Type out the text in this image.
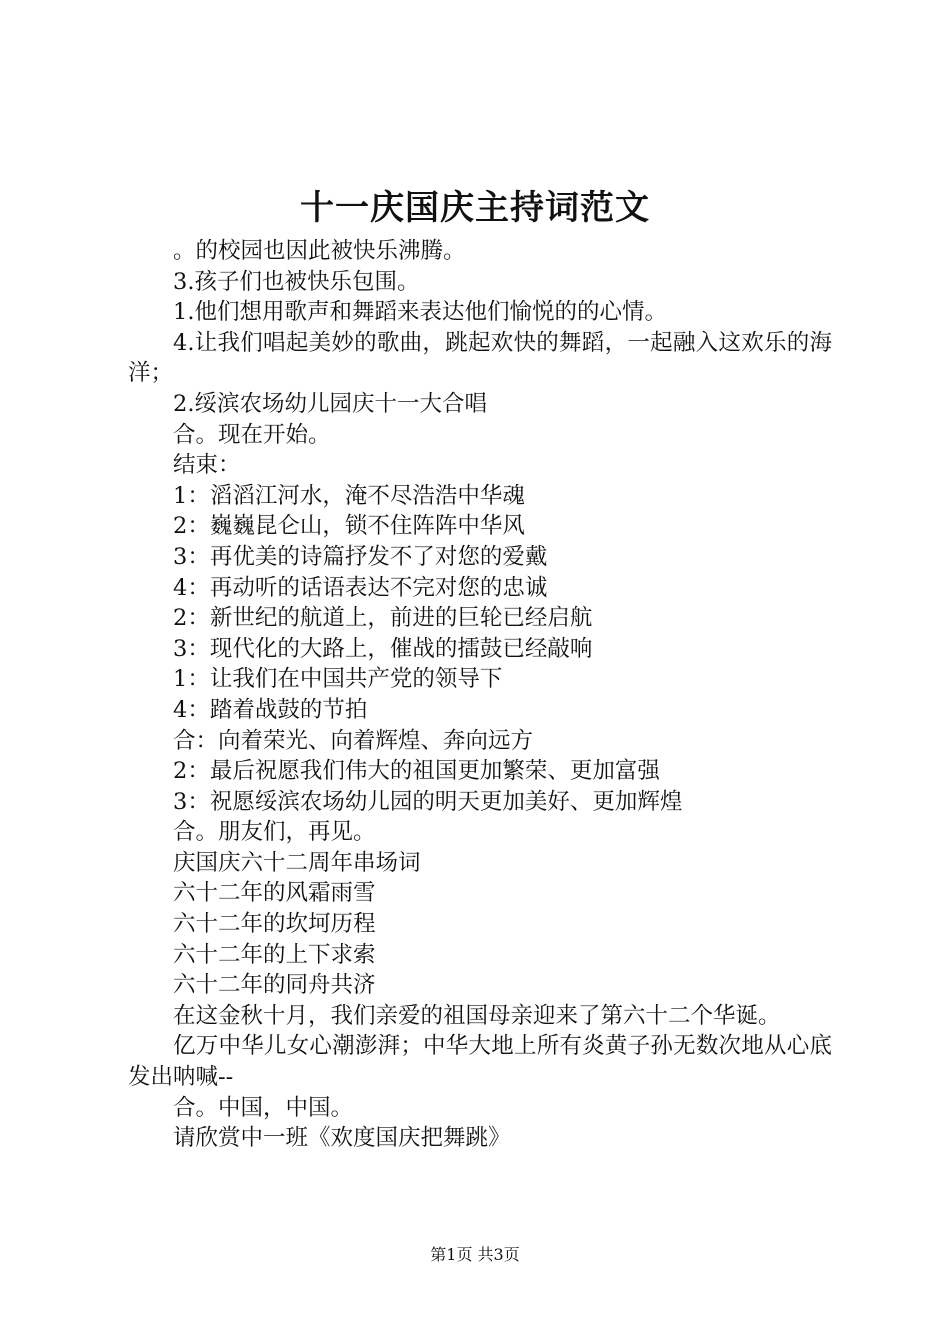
十一庆国庆主持词范文

。的校园也因此被快乐沸腾。

3.孩子们也被快乐包围。

1.他们想用歌声和舞蹈来表达他们愉悦的的心情。

4.让我们唱起美妙的歌曲，跳起欢快的舞蹈，一起融入这欢乐的海洋；

2.绥滨农场幼儿园庆十一大合唱

合。现在开始。

结束：

1：滔滔江河水，淹不尽浩浩中华魂

2：巍巍昆仑山，锁不住阵阵中华风

3：再优美的诗篇抒发不了对您的爱戴

4：再动听的话语表达不完对您的忠诚

2：新世纪的航道上，前进的巨轮已经启航

3：现代化的大路上，催战的擂鼓已经敲响

1：让我们在中国共产党的领导下

4：踏着战鼓的节拍

合：向着荣光、向着辉煌、奔向远方

2：最后祝愿我们伟大的祖国更加繁荣、更加富强

3：祝愿绥滨农场幼儿园的明天更加美好、更加辉煌

合。朋友们，再见。

庆国庆六十二周年串场词

六十二年的风霜雨雪

六十二年的坎坷历程

六十二年的上下求索

六十二年的同舟共济

在这金秋十月，我们亲爱的祖国母亲迎来了第六十二个华诞。

亿万中华儿女心潮澎湃；中华大地上所有炎黄子孙无数次地从心底发出呐喊--

合。中国，中国。

请欣赏中一班《欢度国庆把舞跳》

第1页 共3页
